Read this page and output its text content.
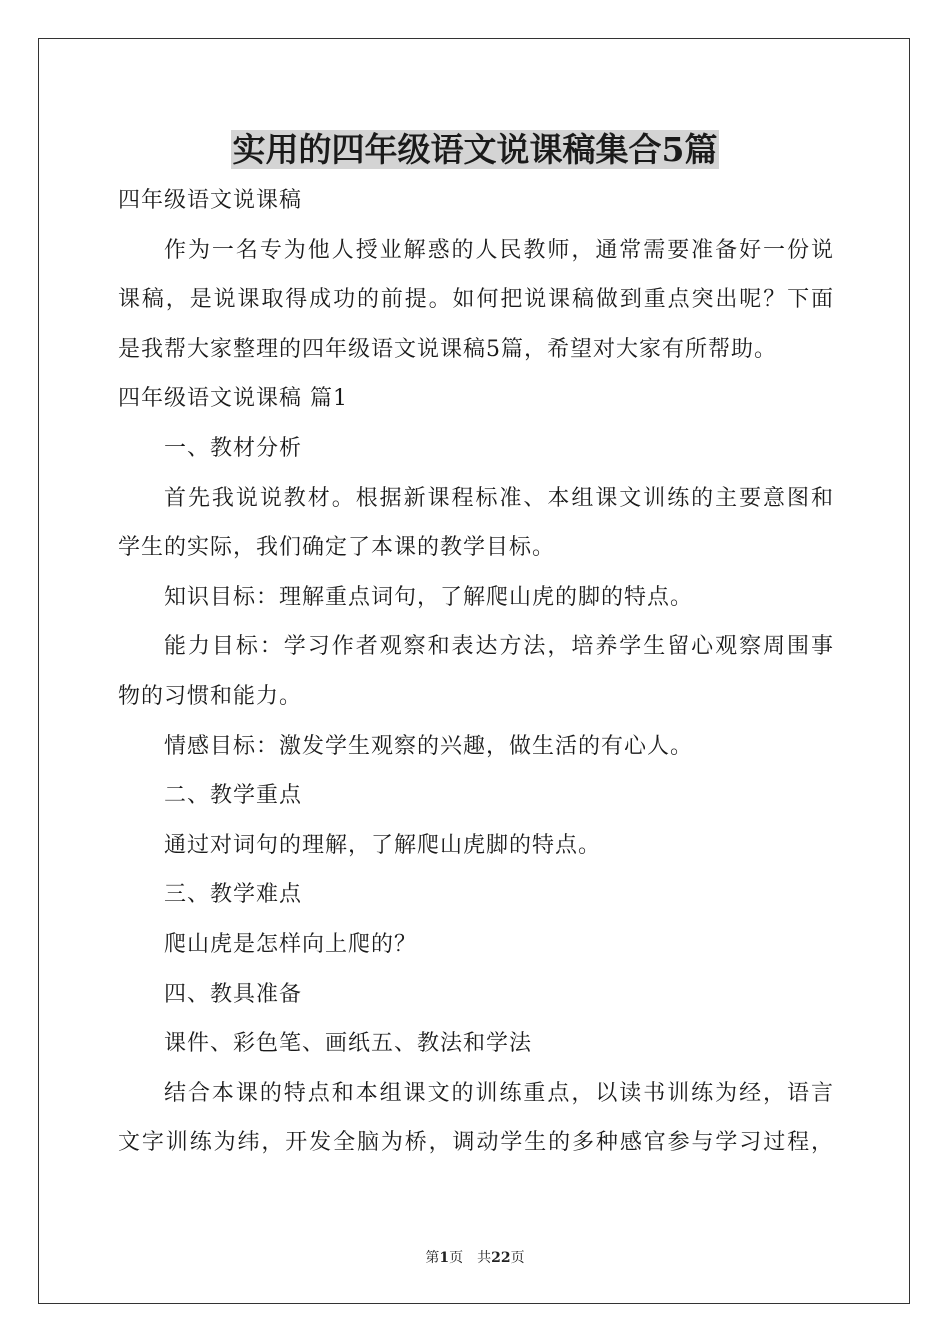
实用的四年级语文说课稿集合5篇

四年级语文说课稿

作为一名专为他人授业解惑的人民教师，通常需要准备好一份说

课稿，是说课取得成功的前提。如何把说课稿做到重点突出呢？下面

是我帮大家整理的四年级语文说课稿5篇，希望对大家有所帮助。

四年级语文说课稿 篇1

一、教材分析

首先我说说教材。根据新课程标准、本组课文训练的主要意图和

学生的实际，我们确定了本课的教学目标。

知识目标：理解重点词句，了解爬山虎的脚的特点。

能力目标：学习作者观察和表达方法，培养学生留心观察周围事

物的习惯和能力。

情感目标：激发学生观察的兴趣，做生活的有心人。

二、教学重点

通过对词句的理解，了解爬山虎脚的特点。

三、教学难点

爬山虎是怎样向上爬的？

四、教具准备

课件、彩色笔、画纸五、教法和学法

结合本课的特点和本组课文的训练重点，以读书训练为经，语言

文字训练为纬，开发全脑为桥，调动学生的多种感官参与学习过程，

第1页　共22页
